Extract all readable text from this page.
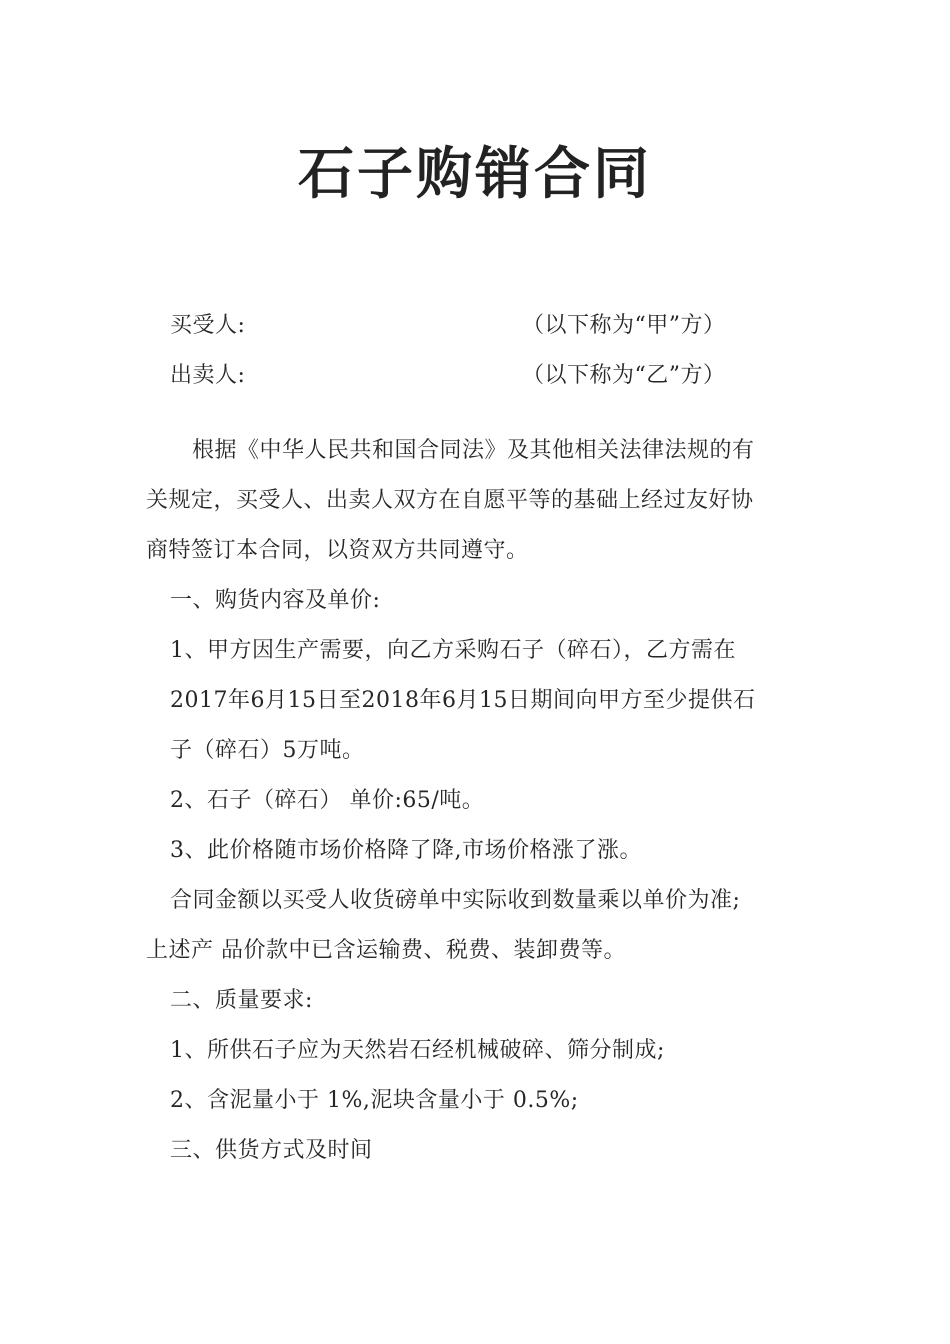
石子购销合同
买受人:	（以下称为“甲”方）
出卖人:	（以下称为“乙”方）
根据《中华人民共和国合同法》及其他相关法律法规的有
关规定，买受人、出卖人双方在自愿平等的基础上经过友好协
商特签订本合同，以资双方共同遵守。
一、购货内容及单价:
1、甲方因生产需要，向乙方采购石子（碎石），乙方需在
2017年6月15日至2018年6月15日期间向甲方至少提供石
子（碎石）5万吨。
2、石子（碎石） 单价:65/吨。
3、此价格随市场价格降了降,市场价格涨了涨。
合同金额以买受人收货磅单中实际收到数量乘以单价为准;
上述产 品价款中已含运输费、税费、装卸费等。
二、质量要求:
1、所供石子应为天然岩石经机械破碎、筛分制成;
2、含泥量小于 1%,泥块含量小于 0.5%;
三、供货方式及时间
